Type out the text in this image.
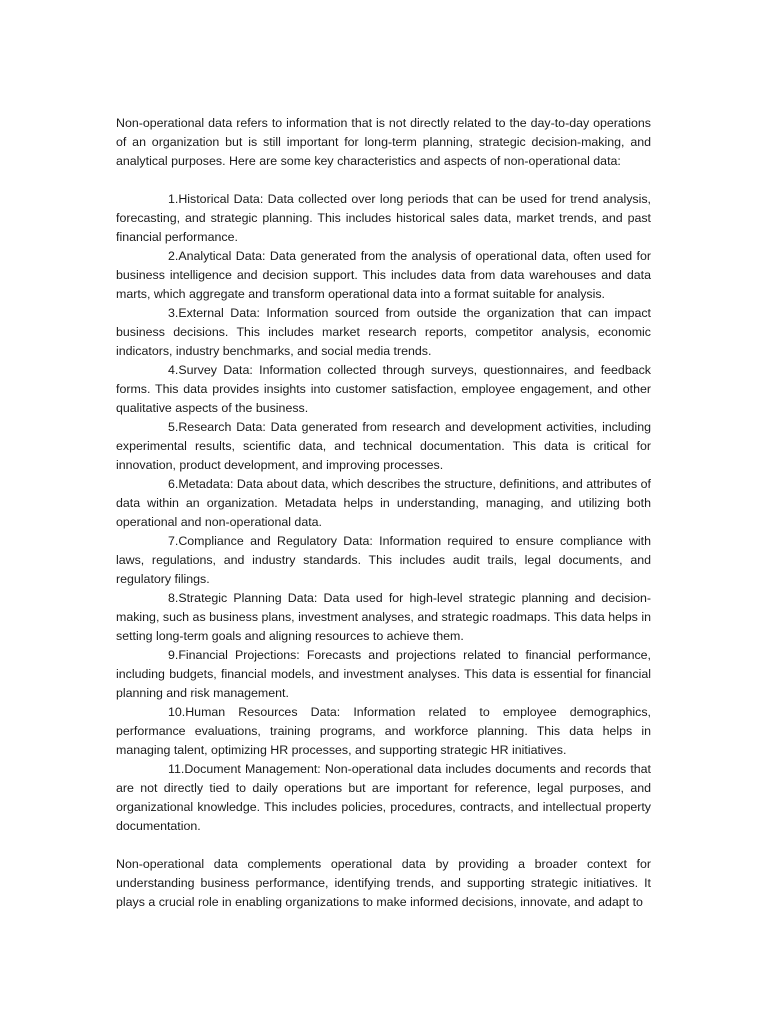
Non-operational data refers to information that is not directly related to the day-to-day operations of an organization but is still important for long-term planning, strategic decision-making, and analytical purposes. Here are some key characteristics and aspects of non-operational data:

1.Historical Data: Data collected over long periods that can be used for trend analysis, forecasting, and strategic planning. This includes historical sales data, market trends, and past financial performance.
2.Analytical Data: Data generated from the analysis of operational data, often used for business intelligence and decision support. This includes data from data warehouses and data marts, which aggregate and transform operational data into a format suitable for analysis.
3.External Data: Information sourced from outside the organization that can impact business decisions. This includes market research reports, competitor analysis, economic indicators, industry benchmarks, and social media trends.
4.Survey Data: Information collected through surveys, questionnaires, and feedback forms. This data provides insights into customer satisfaction, employee engagement, and other qualitative aspects of the business.
5.Research Data: Data generated from research and development activities, including experimental results, scientific data, and technical documentation. This data is critical for innovation, product development, and improving processes.
6.Metadata: Data about data, which describes the structure, definitions, and attributes of data within an organization. Metadata helps in understanding, managing, and utilizing both operational and non-operational data.
7.Compliance and Regulatory Data: Information required to ensure compliance with laws, regulations, and industry standards. This includes audit trails, legal documents, and regulatory filings.
8.Strategic Planning Data: Data used for high-level strategic planning and decision-making, such as business plans, investment analyses, and strategic roadmaps. This data helps in setting long-term goals and aligning resources to achieve them.
9.Financial Projections: Forecasts and projections related to financial performance, including budgets, financial models, and investment analyses. This data is essential for financial planning and risk management.
10.Human Resources Data: Information related to employee demographics, performance evaluations, training programs, and workforce planning. This data helps in managing talent, optimizing HR processes, and supporting strategic HR initiatives.
11.Document Management: Non-operational data includes documents and records that are not directly tied to daily operations but are important for reference, legal purposes, and organizational knowledge. This includes policies, procedures, contracts, and intellectual property documentation.

Non-operational data complements operational data by providing a broader context for understanding business performance, identifying trends, and supporting strategic initiatives. It plays a crucial role in enabling organizations to make informed decisions, innovate, and adapt to
